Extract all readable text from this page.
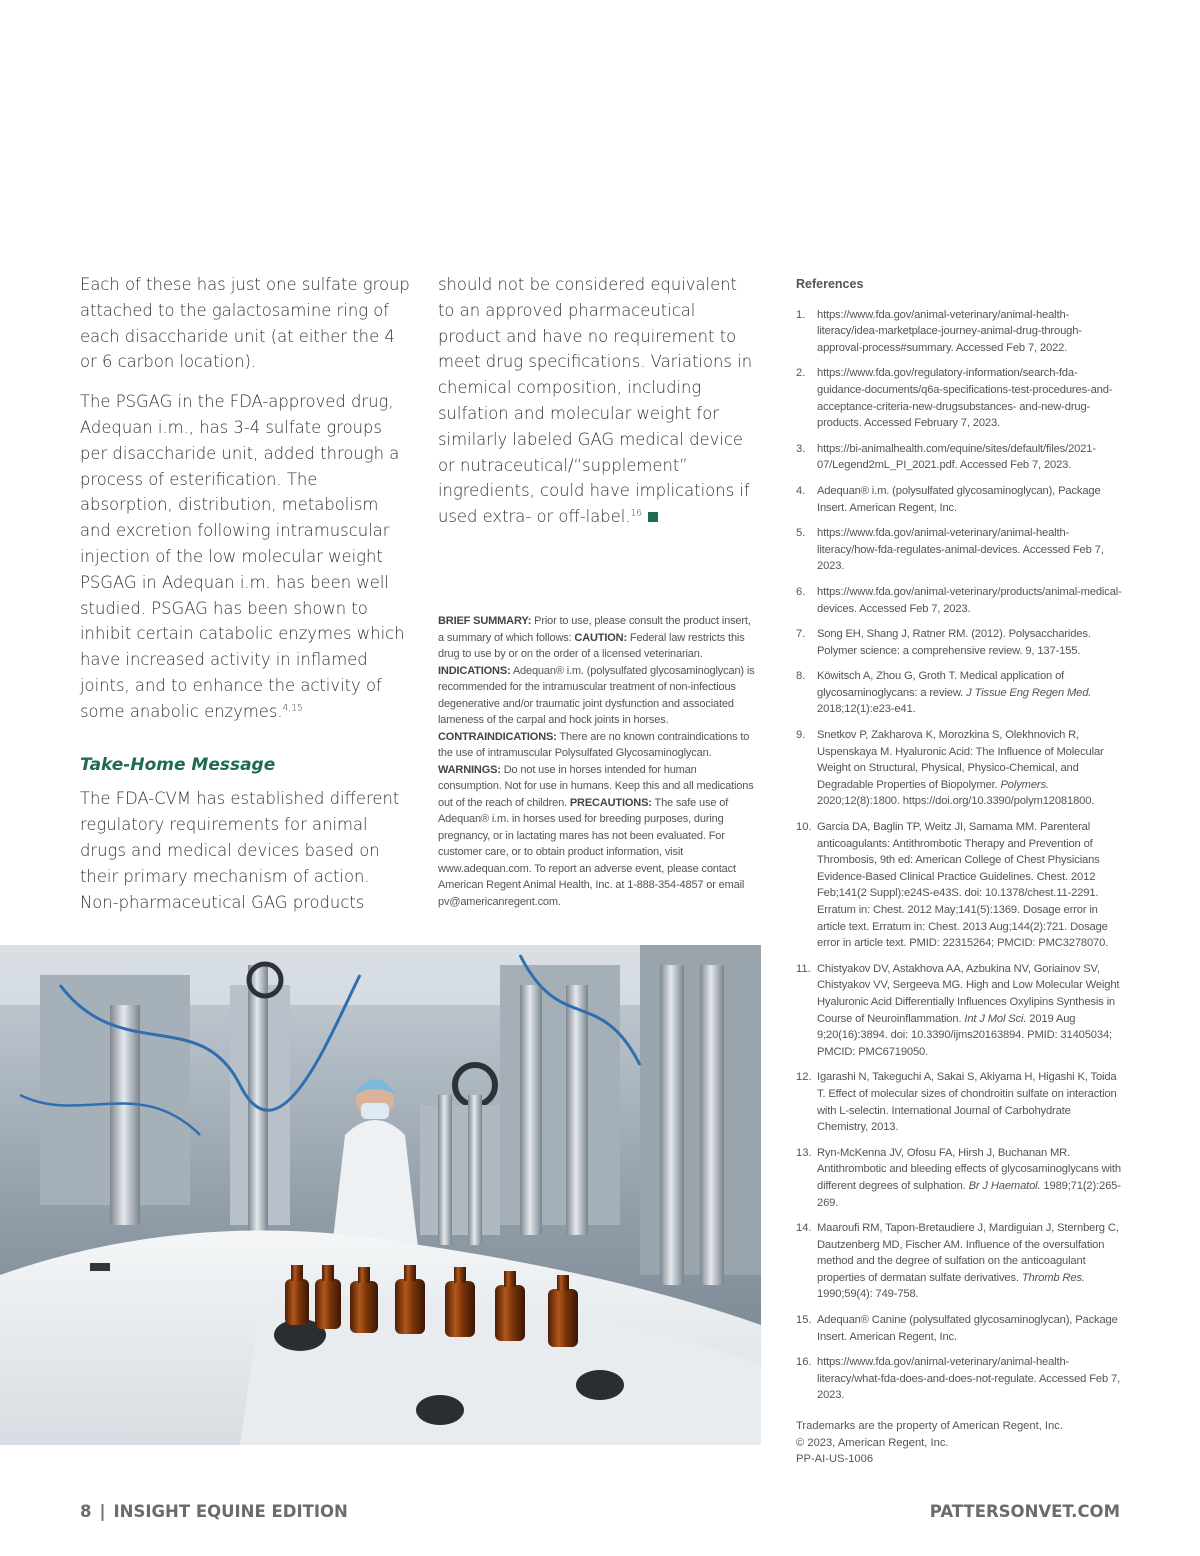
Each of these has just one sulfate group attached to the galactosamine ring of each disaccharide unit (at either the 4 or 6 carbon location).

The PSGAG in the FDA-approved drug, Adequan i.m., has 3-4 sulfate groups per disaccharide unit, added through a process of esterification. The absorption, distribution, metabolism and excretion following intramuscular injection of the low molecular weight PSGAG in Adequan i.m. has been well studied. PSGAG has been shown to inhibit certain catabolic enzymes which have increased activity in inflamed joints, and to enhance the activity of some anabolic enzymes.$^{4,15}$

Take-Home Message

The FDA-CVM has established different regulatory requirements for animal drugs and medical devices based on their primary mechanism of action. Non-pharmaceutical GAG products

should not be considered equivalent to an approved pharmaceutical product and have no requirement to meet drug specifications. Variations in chemical composition, including sulfation and molecular weight for similarly labeled GAG medical device or nutraceutical/“supplement” ingredients, could have implications if used extra- or off-label.$^{16}$

BRIEF SUMMARY: Prior to use, please consult the product insert, a summary of which follows: CAUTION: Federal law restricts this drug to use by or on the order of a licensed veterinarian. INDICATIONS: Adequan® i.m. (polysulfated glycosaminoglycan) is recommended for the intramuscular treatment of non-infectious degenerative and/or traumatic joint dysfunction and associated lameness of the carpal and hock joints in horses. CONTRAINDICATIONS: There are no known contraindications to the use of intramuscular Polysulfated Glycosaminoglycan. WARNINGS: Do not use in horses intended for human consumption. Not for use in humans. Keep this and all medications out of the reach of children. PRECAUTIONS: The safe use of Adequan® i.m. in horses used for breeding purposes, during pregnancy, or in lactating mares has not been evaluated. For customer care, or to obtain product information, visit www.adequan.com. To report an adverse event, please contact American Regent Animal Health, Inc. at 1-888-354-4857 or email pv@americanregent.com.
References
1.	https://www.fda.gov/animal-veterinary/animal-health-literacy/idea-marketplace-journey-animal-drug-through-approval-process#summary. Accessed Feb 7, 2022.
2.	https://www.fda.gov/regulatory-information/search-fda-guidance-documents/q6a-specifications-test-procedures-and-acceptance-criteria-new-drugsubstances- and-new-drug-products. Accessed February 7, 2023.
3.	https://bi-animalhealth.com/equine/sites/default/files/2021-07/Legend2mL_PI_2021.pdf. Accessed Feb 7, 2023.
4.	Adequan® i.m. (polysulfated glycosaminoglycan), Package Insert. American Regent, Inc.
5.	https://www.fda.gov/animal-veterinary/animal-health-literacy/how-fda-regulates-animal-devices. Accessed Feb 7, 2023.
6.	https://www.fda.gov/animal-veterinary/products/animal-medical-devices. Accessed Feb 7, 2023.
7.	Song EH, Shang J, Ratner RM. (2012). Polysaccharides. Polymer science: a comprehensive review. 9, 137-155.
8.	Köwitsch A, Zhou G, Groth T. Medical application of glycosaminoglycans: a review. J Tissue Eng Regen Med. 2018;12(1):e23-e41.
9.	Snetkov P, Zakharova K, Morozkina S, Olekhnovich R, Uspenskaya M. Hyaluronic Acid: The Influence of Molecular Weight on Structural, Physical, Physico-Chemical, and Degradable Properties of Biopolymer. Polymers. 2020;12(8):1800. https://doi.org/10.3390/polym12081800.
10. Garcia DA, Baglin TP, Weitz JI, Samama MM. Parenteral anticoagulants: Antithrombotic Therapy and Prevention of Thrombosis, 9th ed: American College of Chest Physicians Evidence-Based Clinical Practice Guidelines. Chest. 2012 Feb;141(2 Suppl):e24S-e43S. doi: 10.1378/chest.11-2291. Erratum in: Chest. 2012 May;141(5):1369. Dosage error in article text. Erratum in: Chest. 2013 Aug;144(2):721. Dosage error in article text. PMID: 22315264; PMCID: PMC3278070.
11. Chistyakov DV, Astakhova AA, Azbukina NV, Goriainov SV, Chistyakov VV, Sergeeva MG. High and Low Molecular Weight Hyaluronic Acid Differentially Influences Oxylipins Synthesis in Course of Neuroinflammation. Int J Mol Sci. 2019 Aug 9;20(16):3894. doi: 10.3390/ijms20163894. PMID: 31405034; PMCID: PMC6719050.
12. Igarashi N, Takeguchi A, Sakai S, Akiyama H, Higashi K, Toida T. Effect of molecular sizes of chondroitin sulfate on interaction with L-selectin. International Journal of Carbohydrate Chemistry, 2013.
13. Ryn-McKenna JV, Ofosu FA, Hirsh J, Buchanan MR. Antithrombotic and bleeding effects of glycosaminoglycans with different degrees of sulphation. Br J Haematol. 1989;71(2):265-269.
14. Maaroufi RM, Tapon-Bretaudiere J, Mardiguian J, Sternberg C, Dautzenberg MD, Fischer AM. Influence of the oversulfation method and the degree of sulfation on the anticoagulant properties of dermatan sulfate derivatives. Thromb Res. 1990;59(4): 749-758.
15. Adequan® Canine (polysulfated glycosaminoglycan), Package Insert. American Regent, Inc.
16. https://www.fda.gov/animal-veterinary/animal-health-literacy/what-fda-does-and-does-not-regulate. Accessed Feb 7, 2023.
Trademarks are the property of American Regent, Inc.
© 2023, American Regent, Inc.
PP-AI-US-1006
8 | INSIGHT EQUINE EDITION	PATTERSONVET.COM
